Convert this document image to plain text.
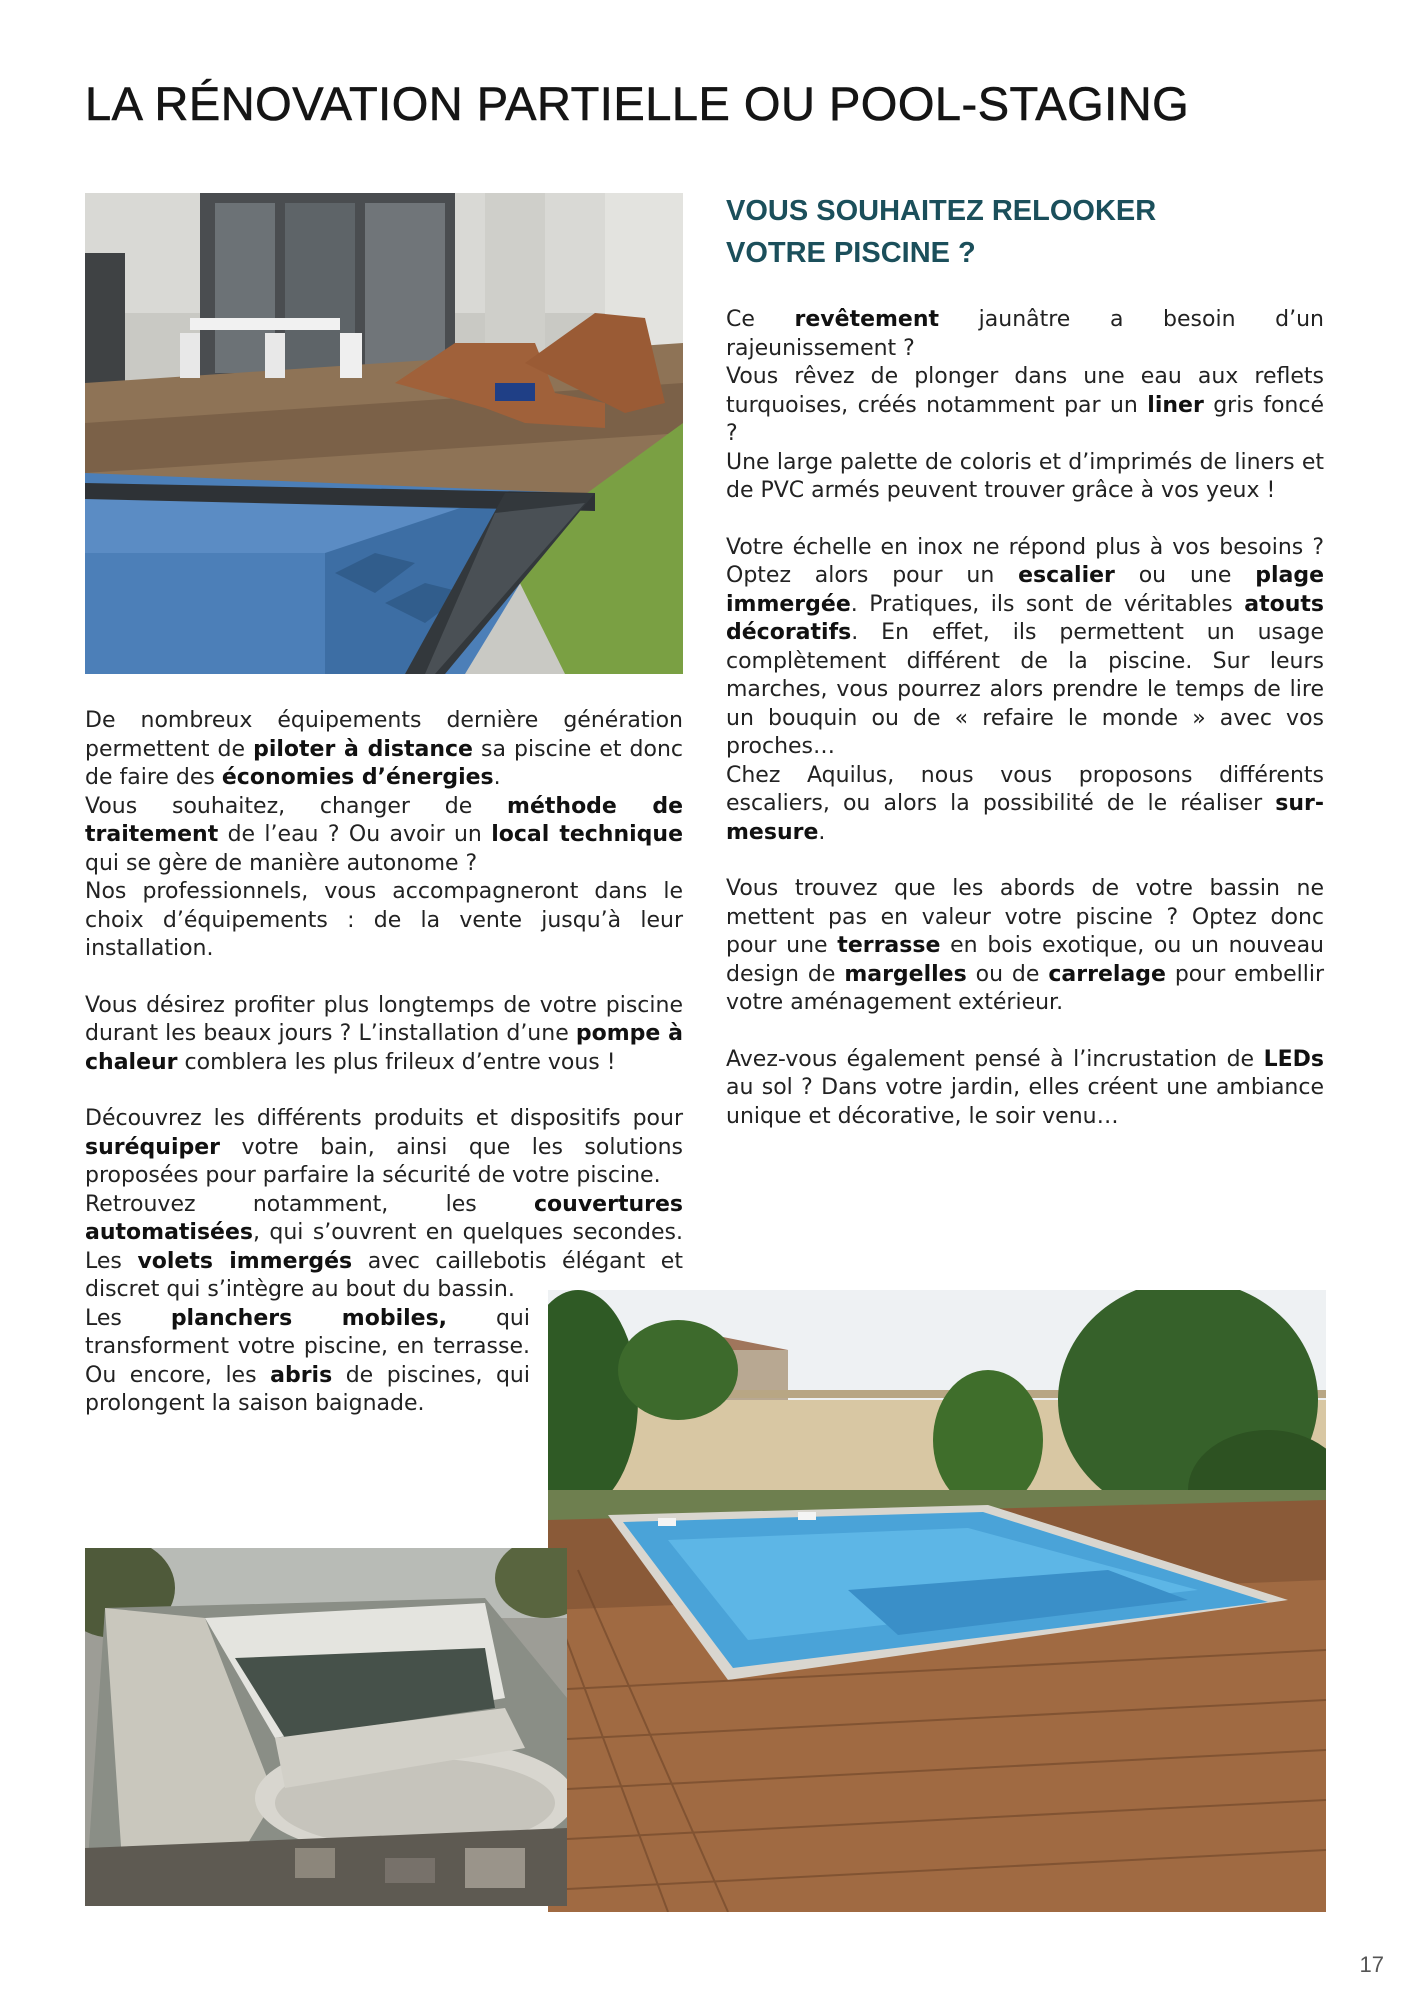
LA RÉNOVATION PARTIELLE OU POOL-STAGING
VOUS SOUHAITEZ RELOOKER
VOTRE PISCINE ?

De nombreux équipements dernière génération permettent de piloter à distance sa piscine et donc de faire des économies d’énergies.
Vous souhaitez, changer de méthode de traitement de l’eau ? Ou avoir un local technique qui se gère de manière autonome ?
Nos professionnels, vous accompagneront dans le choix d’équipements : de la vente jusqu’à leur installation.

Vous désirez profiter plus longtemps de votre piscine durant les beaux jours ? L’installation d’une pompe à chaleur comblera les plus frileux d’entre vous !

Découvrez les différents produits et dispositifs pour suréquiper votre bain, ainsi que les solutions proposées pour parfaire la sécurité de votre piscine.
Retrouvez notamment, les couvertures automatisées, qui s’ouvrent en quelques secondes. Les volets immergés avec caillebotis élégant et discret qui s’intègre au bout du bassin.

Les planchers mobiles, qui transforment votre piscine, en terrasse. Ou encore, les abris de piscines, qui prolongent la saison baignade.

Ce revêtement jaunâtre a besoin d’un rajeunissement ?
Vous rêvez de plonger dans une eau aux reflets turquoises, créés notamment par un liner gris foncé ?
Une large palette de coloris et d’imprimés de liners et de PVC armés peuvent trouver grâce à vos yeux !

Votre échelle en inox ne répond plus à vos besoins ? Optez alors pour un escalier ou une plage immergée. Pratiques, ils sont de véritables atouts décoratifs. En effet, ils permettent un usage complètement différent de la piscine. Sur leurs marches, vous pourrez alors prendre le temps de lire un bouquin ou de « refaire le monde » avec vos proches…
Chez Aquilus, nous vous proposons différents escaliers, ou alors la possibilité de le réaliser sur-mesure.

Vous trouvez que les abords de votre bassin ne mettent pas en valeur votre piscine ? Optez donc pour une terrasse en bois exotique, ou un nouveau design de margelles ou de carrelage pour embellir votre aménagement extérieur.

Avez-vous également pensé à l’incrustation de LEDs au sol ? Dans votre jardin, elles créent une ambiance unique et décorative, le soir venu…

17
